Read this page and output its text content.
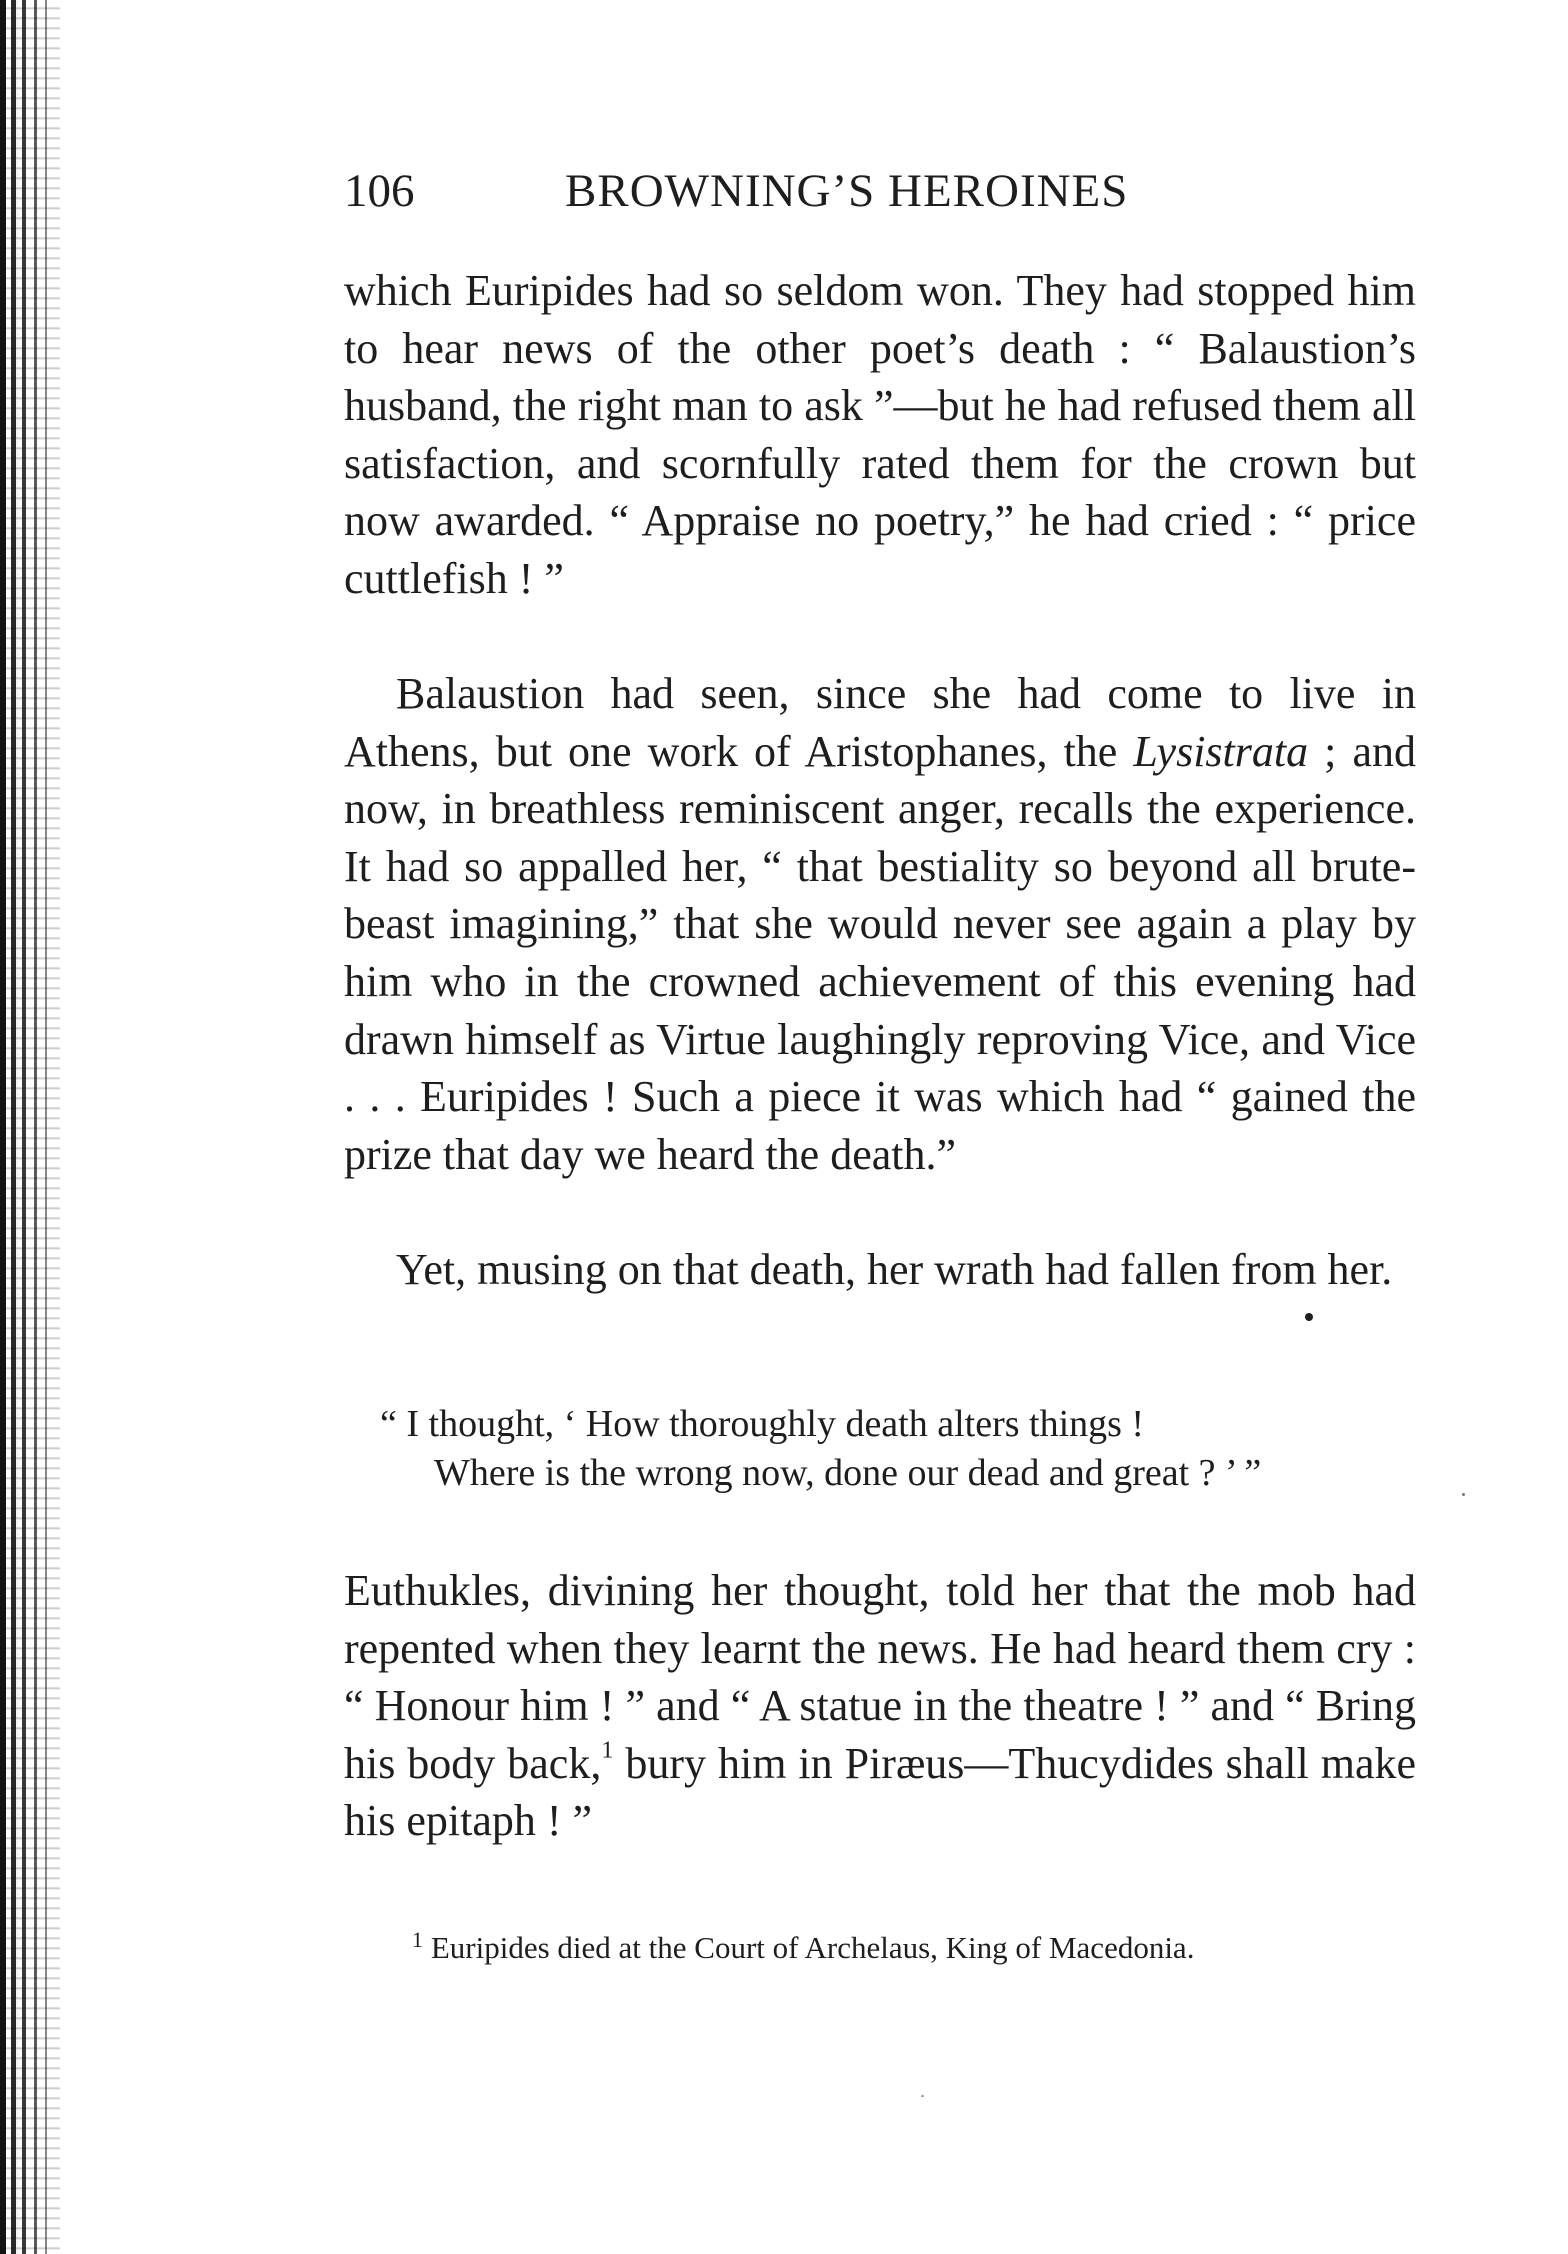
106	BROWNING’S HEROINES

which Euripides had so seldom won. They had stopped him to hear news of the other poet’s death : “ Balaustion’s husband, the right man to ask ”—but he had refused them all satisfaction, and scornfully rated them for the crown but now awarded. “ Appraise no poetry,” he had cried : “ price cuttlefish ! ”

Balaustion had seen, since she had come to live in Athens, but one work of Aristophanes, the Lysistrata ; and now, in breathless reminiscent anger, recalls the experience. It had so appalled her, “ that bestiality so beyond all brute-beast imagining,” that she would never see again a play by him who in the crowned achievement of this evening had drawn himself as Virtue laughingly reproving Vice, and Vice . . . Euripides ! Such a piece it was which had “ gained the prize that day we heard the death.”

Yet, musing on that death, her wrath had fallen from her.

“ I thought, ‘ How thoroughly death alters things !
Where is the wrong now, done our dead and great ? ’ ”

Euthukles, divining her thought, told her that the mob had repented when they learnt the news. He had heard them cry : “ Honour him ! ” and “ A statue in the theatre ! ” and “ Bring his body back,$^1$ bury him in Piræus—Thucydides shall make his epitaph ! ”

$^1$ Euripides died at the Court of Archelaus, King of Macedonia.
